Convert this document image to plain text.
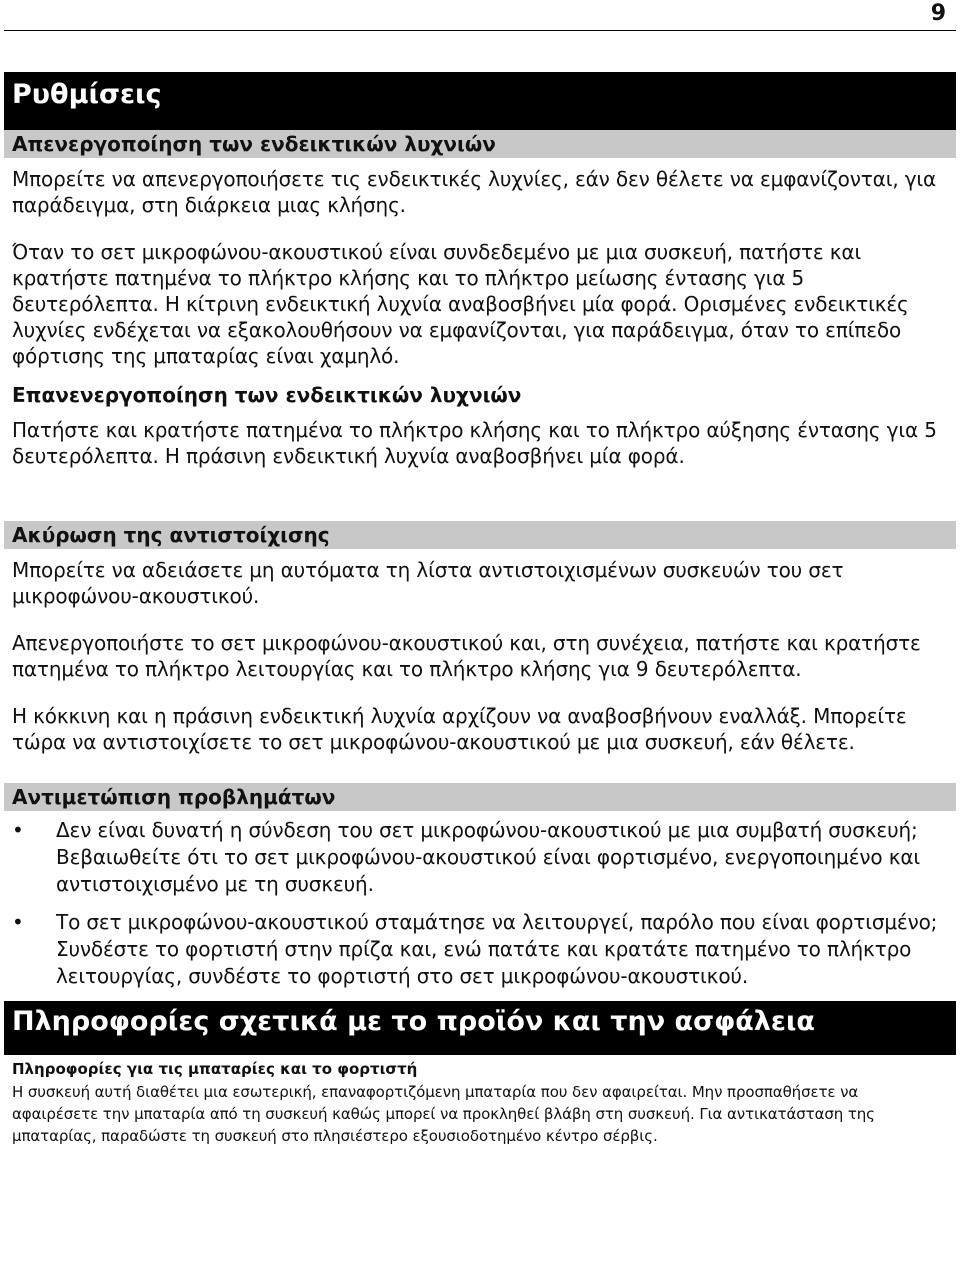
9
Ρυθμίσεις
Απενεργοποίηση των ενδεικτικών λυχνιών

Μπορείτε να απενεργοποιήσετε τις ενδεικτικές λυχνίες, εάν δεν θέλετε να εμφανίζονται, για παράδειγμα, στη διάρκεια μιας κλήσης.

Όταν το σετ μικροφώνου-ακουστικού είναι συνδεδεμένο με μια συσκευή, πατήστε και κρατήστε πατημένα το πλήκτρο κλήσης και το πλήκτρο μείωσης έντασης για 5 δευτερόλεπτα. Η κίτρινη ενδεικτική λυχνία αναβοσβήνει μία φορά. Ορισμένες ενδεικτικές λυχνίες ενδέχεται να εξακολουθήσουν να εμφανίζονται, για παράδειγμα, όταν το επίπεδο φόρτισης της μπαταρίας είναι χαμηλό.

Επανενεργοποίηση των ενδεικτικών λυχνιών

Πατήστε και κρατήστε πατημένα το πλήκτρο κλήσης και το πλήκτρο αύξησης έντασης για 5 δευτερόλεπτα. Η πράσινη ενδεικτική λυχνία αναβοσβήνει μία φορά.

Ακύρωση της αντιστοίχισης

Μπορείτε να αδειάσετε μη αυτόματα τη λίστα αντιστοιχισμένων συσκευών του σετ μικροφώνου-ακουστικού.

Απενεργοποιήστε το σετ μικροφώνου-ακουστικού και, στη συνέχεια, πατήστε και κρατήστε πατημένα το πλήκτρο λειτουργίας και το πλήκτρο κλήσης για 9 δευτερόλεπτα.

Η κόκκινη και η πράσινη ενδεικτική λυχνία αρχίζουν να αναβοσβήνουν εναλλάξ. Μπορείτε τώρα να αντιστοιχίσετε το σετ μικροφώνου-ακουστικού με μια συσκευή, εάν θέλετε.

Αντιμετώπιση προβλημάτων
• Δεν είναι δυνατή η σύνδεση του σετ μικροφώνου-ακουστικού με μια συμβατή συσκευή; Βεβαιωθείτε ότι το σετ μικροφώνου-ακουστικού είναι φορτισμένο, ενεργοποιημένο και αντιστοιχισμένο με τη συσκευή.
• Το σετ μικροφώνου-ακουστικού σταμάτησε να λειτουργεί, παρόλο που είναι φορτισμένο; Συνδέστε το φορτιστή στην πρίζα και, ενώ πατάτε και κρατάτε πατημένο το πλήκτρο λειτουργίας, συνδέστε το φορτιστή στο σετ μικροφώνου-ακουστικού.
Πληροφορίες σχετικά με το προϊόν και την ασφάλεια
Πληροφορίες για τις μπαταρίες και το φορτιστή

Η συσκευή αυτή διαθέτει μια εσωτερική, επαναφορτιζόμενη μπαταρία που δεν αφαιρείται. Μην προσπαθήσετε να αφαιρέσετε την μπαταρία από τη συσκευή καθώς μπορεί να προκληθεί βλάβη στη συσκευή. Για αντικατάσταση της μπαταρίας, παραδώστε τη συσκευή στο πλησιέστερο εξουσιοδοτημένο κέντρο σέρβις.
